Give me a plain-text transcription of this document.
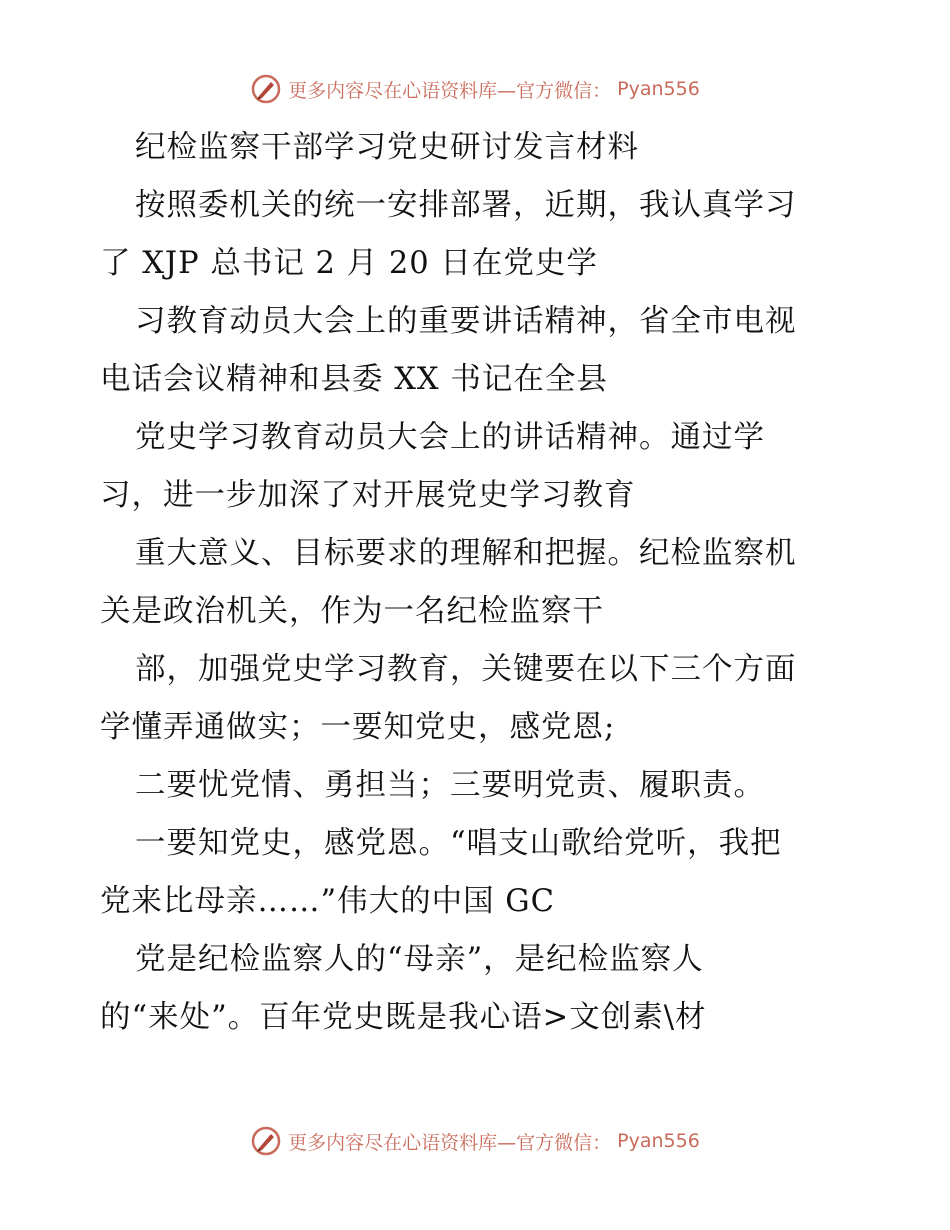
更多内容尽在心语资料库—官方微信： Pyan556
纪检监察干部学习党史研讨发言材料
按照委机关的统一安排部署，近期，我认真学习
了 XJP 总书记 2 月 20 日在党史学
习教育动员大会上的重要讲话精神，省全市电视
电话会议精神和县委 XX 书记在全县
党史学习教育动员大会上的讲话精神。通过学
习，进一步加深了对开展党史学习教育
重大意义、目标要求的理解和把握。纪检监察机
关是政治机关，作为一名纪检监察干
部，加强党史学习教育，关键要在以下三个方面
学懂弄通做实；一要知党史，感党恩;
二要忧党情、勇担当；三要明党责、履职责。
一要知党史，感党恩。“唱支山歌给党听，我把
党来比母亲……”伟大的中国 GC
党是纪检监察人的“母亲”，是纪检监察人
的“来处”。百年党史既是我心语>文创素\材
更多内容尽在心语资料库—官方微信： Pyan556
